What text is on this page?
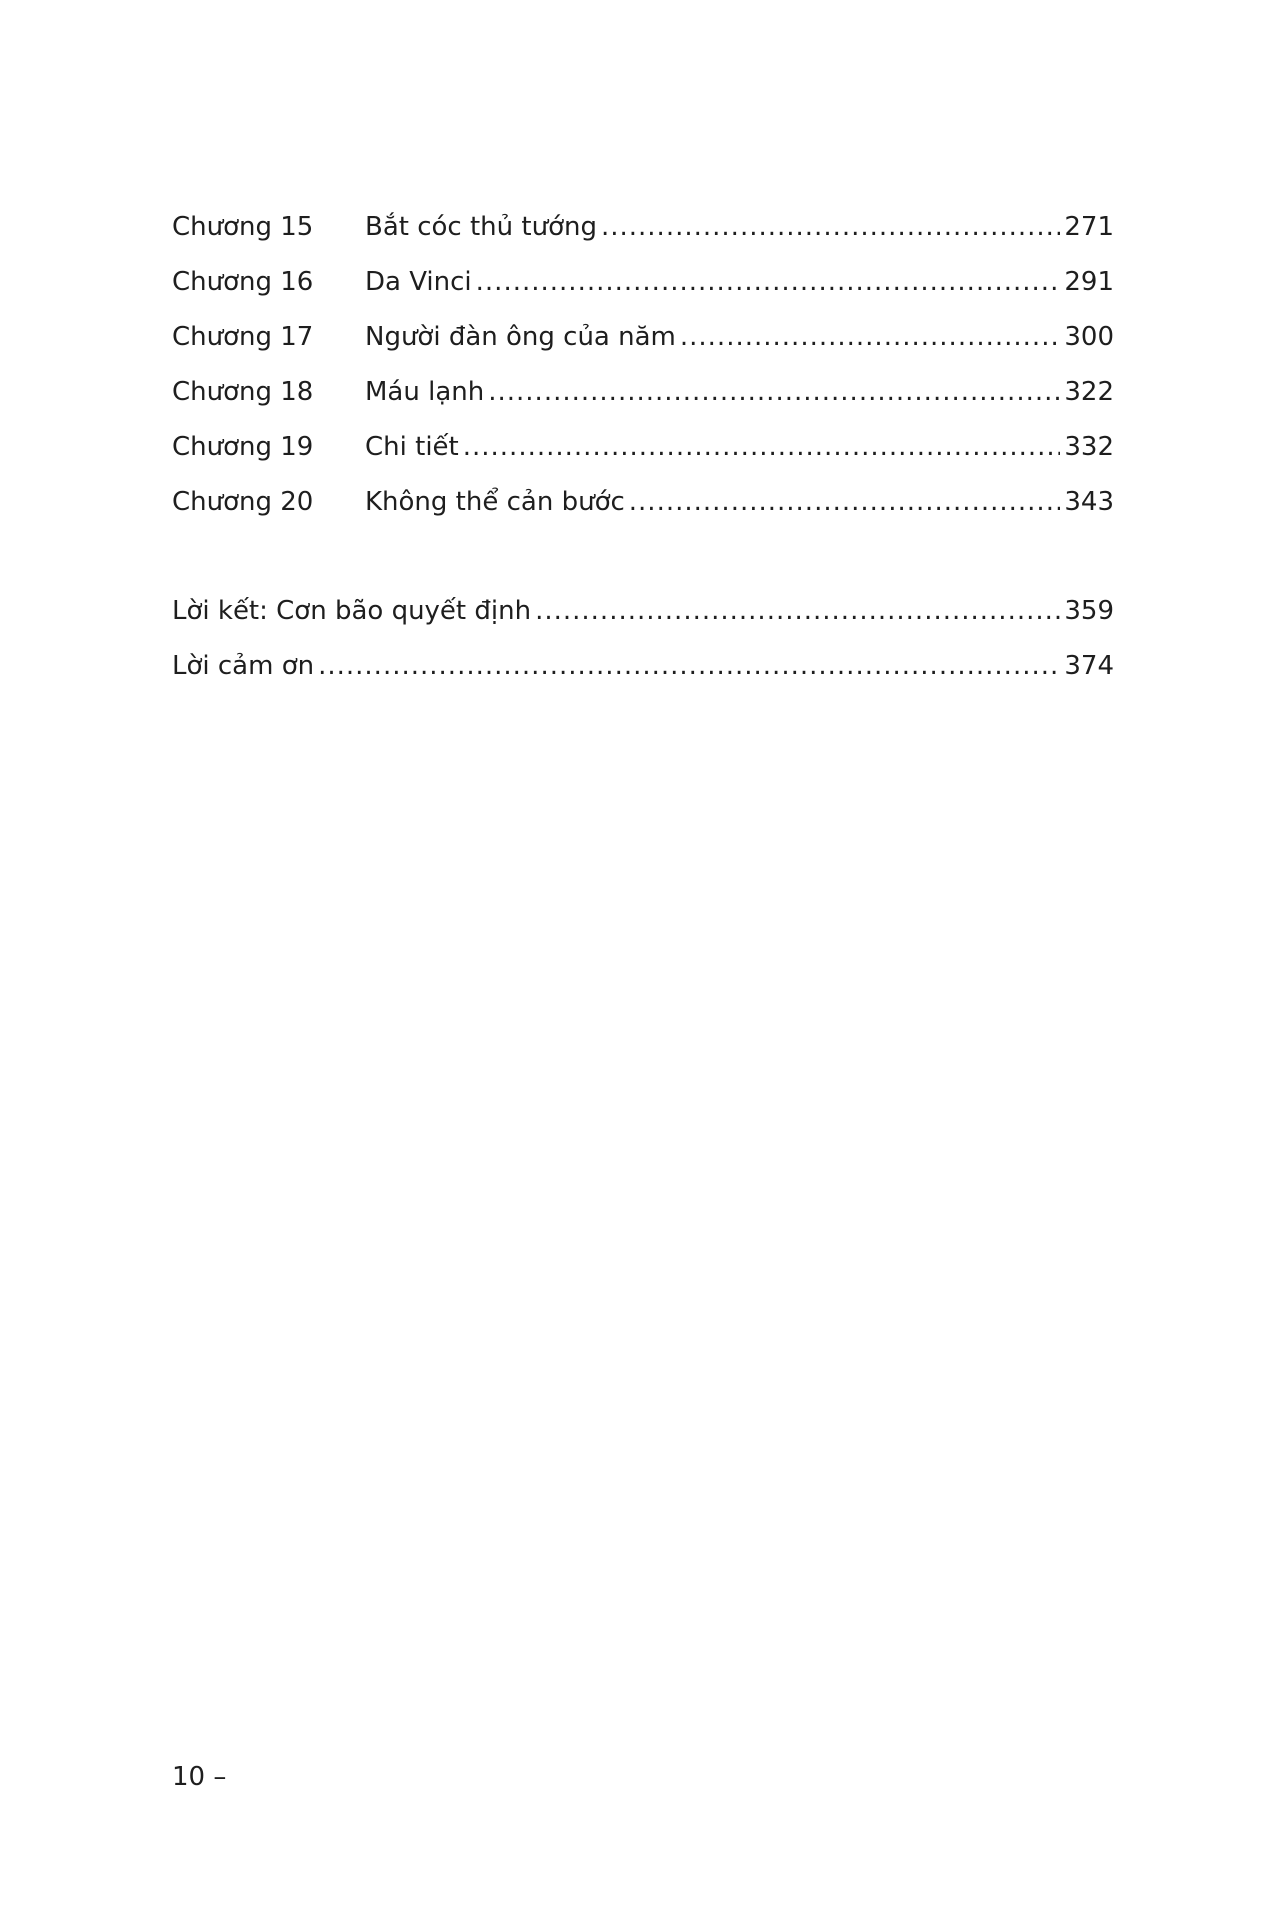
Chương 15	Bắt cóc thủ tướng .....	271
Chương 16	Da Vinci .....	291
Chương 17	Người đàn ông của năm .....	300
Chương 18	Máu lạnh .....	322
Chương 19	Chi tiết .....	332
Chương 20	Không thể cản bước .....	343
Lời kết: Cơn bão quyết định .....	359
Lời cảm ơn .....	374
10 –
